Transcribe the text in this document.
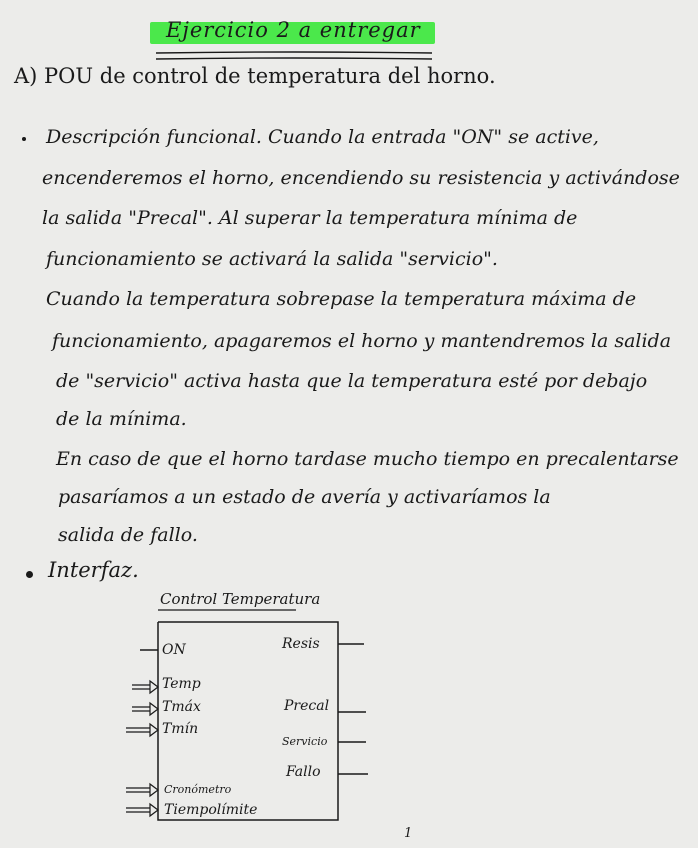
Ejercicio 2 a entregar
A) POU de control de temperatura del horno.
Descripción funcional. Cuando la entrada "ON" se active,
encenderemos el horno, encendiendo su resistencia y activándose
la salida "Precal". Al superar la temperatura mínima de
funcionamiento se activará la salida "servicio".
Cuando la temperatura sobrepase la temperatura máxima de
funcionamiento, apagaremos el horno y mantendremos la salida
de "servicio" activa hasta que la temperatura esté por debajo
de la mínima.
En caso de que el horno tardase mucho tiempo en precalentarse
pasaríamos a un estado de avería y activaríamos la
salida de fallo.
Interfaz.
Control Temperatura
ON
Temp
Tmáx
Tmín
Cronómetro
Tiempolímite
Resis
Precal
Servicio
Fallo
1
